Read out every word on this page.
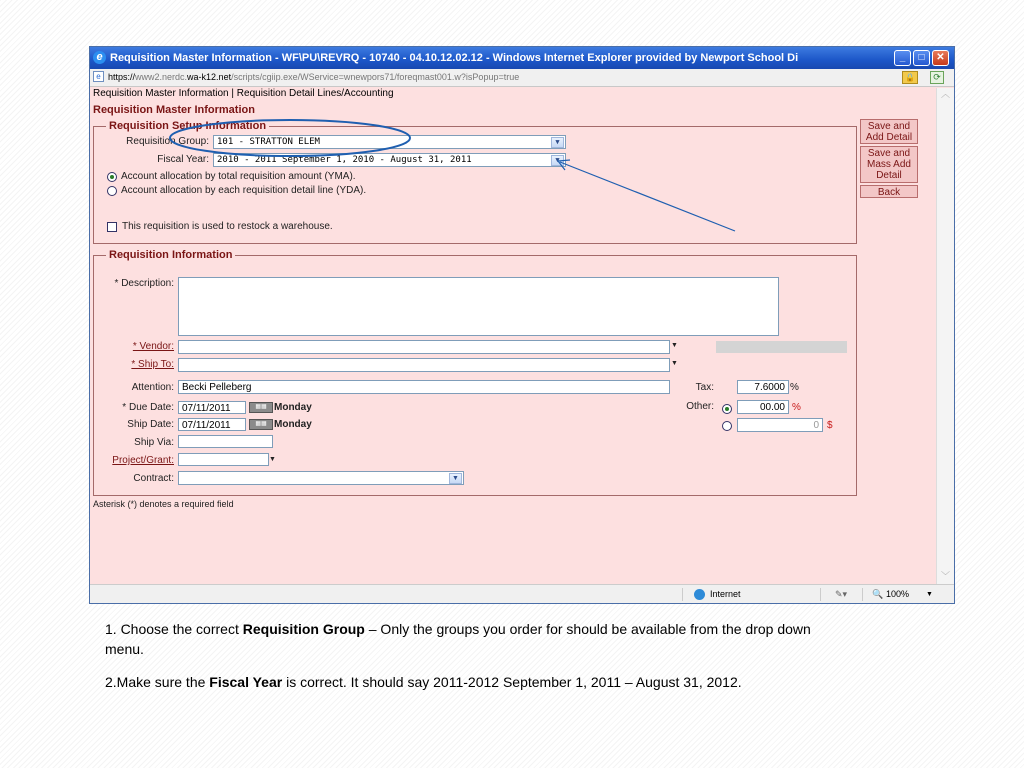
e Requisition Master Information - WF\PU\REVRQ - 10740 - 04.10.12.02.12 - Windows Internet Explorer provided by Newport School Di	_	□	✕
e https://www2.nerdc.wa-k12.net/scripts/cgiip.exe/WService=wnewpors71/foreqmast001.w?isPopup=true	🔒	⟳
Requisition Master Information | Requisition Detail Lines/Accounting
Requisition Master Information
Requisition Setup Information
Requisition Group: 101 - STRATTON ELEM	▼
Fiscal Year: 2010 - 2011 September 1, 2010 - August 31, 2011	▼
Account allocation by total requisition amount (YMA).
Account allocation by each requisition detail line (YDA).
This requisition is used to restock a warehouse.
Save and
Add Detail
Save and
Mass Add
Detail
Back
Requisition Information
* Description:
* Vendor:	▼
* Ship To:	▼
Attention: Becki Pelleberg
* Due Date: 07/11/2011	▦▦ Monday
Ship Date: 07/11/2011	▦▦ Monday
Ship Via:
Project/Grant:	▼
Contract:	▼
Tax:	7.6000 %
Other:	00.00 %
0 $
Asterisk (*) denotes a required field
︿
﹀
Internet	✎▾	🔍 100% ▼
1. Choose the correct Requisition Group – Only the groups you order for should be available from the drop down
menu.
2.Make sure the Fiscal Year is correct. It should say 2011-2012 September 1, 2011 – August 31, 2012.
